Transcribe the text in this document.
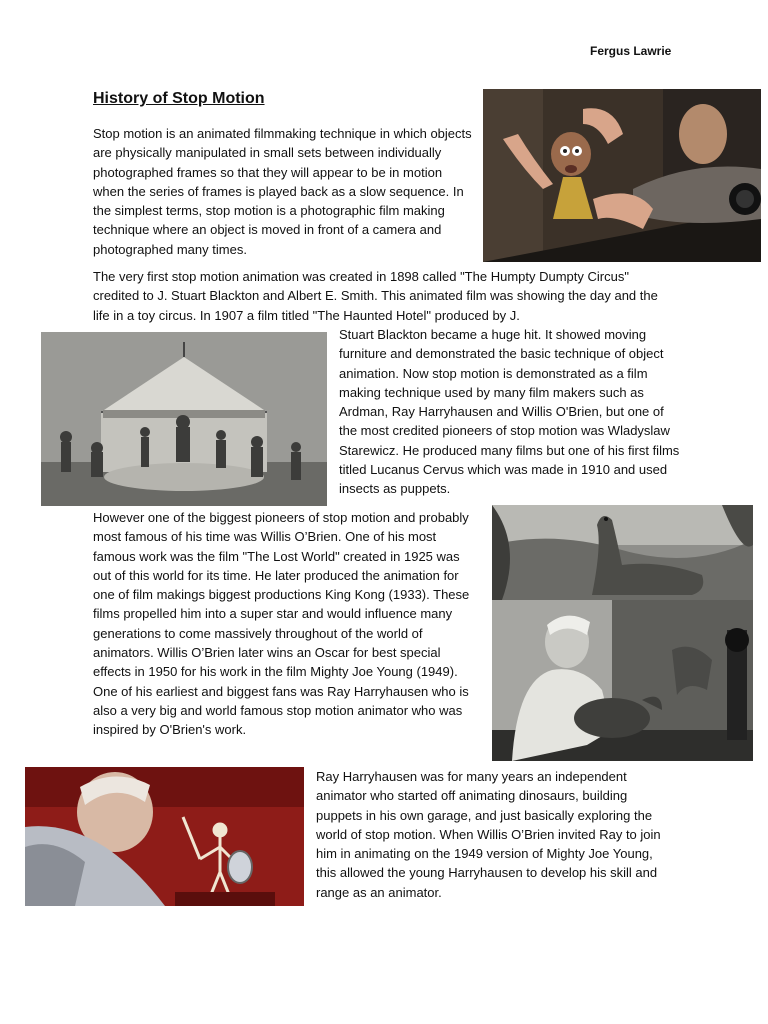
Fergus Lawrie
History of Stop Motion

Stop motion is an animated filmmaking technique in which objects are physically manipulated in small sets between individually photographed frames so that they will appear to be in motion when the series of frames is played back as a slow sequence. In the simplest terms, stop motion is a photographic film making technique where an object is moved in front of a camera and photographed many times.

The very first stop motion animation was created in 1898 called "The Humpty Dumpty Circus" credited to J. Stuart Blackton and Albert E. Smith. This animated film was showing the day and the life in a toy circus. In 1907 a film titled "The Haunted Hotel" produced by J.

Stuart Blackton became a huge hit. It showed moving furniture and demonstrated the basic technique of object animation. Now stop motion is demonstrated as a film making technique used by many film makers such as Ardman, Ray Harryhausen and Willis O'Brien, but one of the most credited pioneers of stop motion was Wladyslaw Starewicz. He produced many films but one of his first films titled Lucanus Cervus which was made in 1910 and used insects as puppets.

However one of the biggest pioneers of stop motion and probably most famous of his time was Willis O’Brien. One of his most famous work was the film "The Lost World" created in 1925 was out of this world for its time. He later produced the animation for one of film makings biggest productions King Kong (1933). These films propelled him into a super star and would influence many generations to come massively throughout of the world of animators. Willis O’Brien later wins an Oscar for best special effects in 1950 for his work in the film Mighty Joe Young (1949). One of his earliest and biggest fans was Ray Harryhausen who is also a very big and world famous stop motion animator who was inspired by O'Brien's work.

Ray Harryhausen was for many years an independent animator who started off animating dinosaurs, building puppets in his own garage, and just basically exploring the world of stop motion. When Willis O’Brien invited Ray to join him in animating on the 1949 version of Mighty Joe Young, this allowed the young Harryhausen to develop his skill and range as an animator.
